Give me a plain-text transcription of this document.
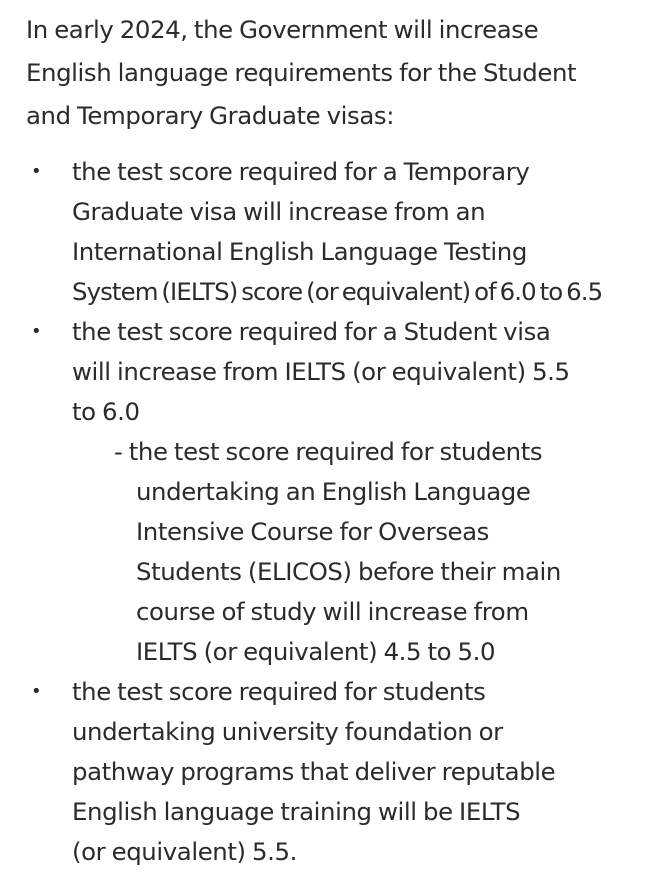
In early 2024, the Government will increase
English language requirements for the Student
and Temporary Graduate visas:

• the test score required for a Temporary
Graduate visa will increase from an
International English Language Testing
System (IELTS) score (or equivalent) of 6.0 to 6.5
• the test score required for a Student visa
will increase from IELTS (or equivalent) 5.5
to 6.0
- the test score required for students
undertaking an English Language
Intensive Course for Overseas
Students (ELICOS) before their main
course of study will increase from
IELTS (or equivalent) 4.5 to 5.0
• the test score required for students
undertaking university foundation or
pathway programs that deliver reputable
English language training will be IELTS
(or equivalent) 5.5.
